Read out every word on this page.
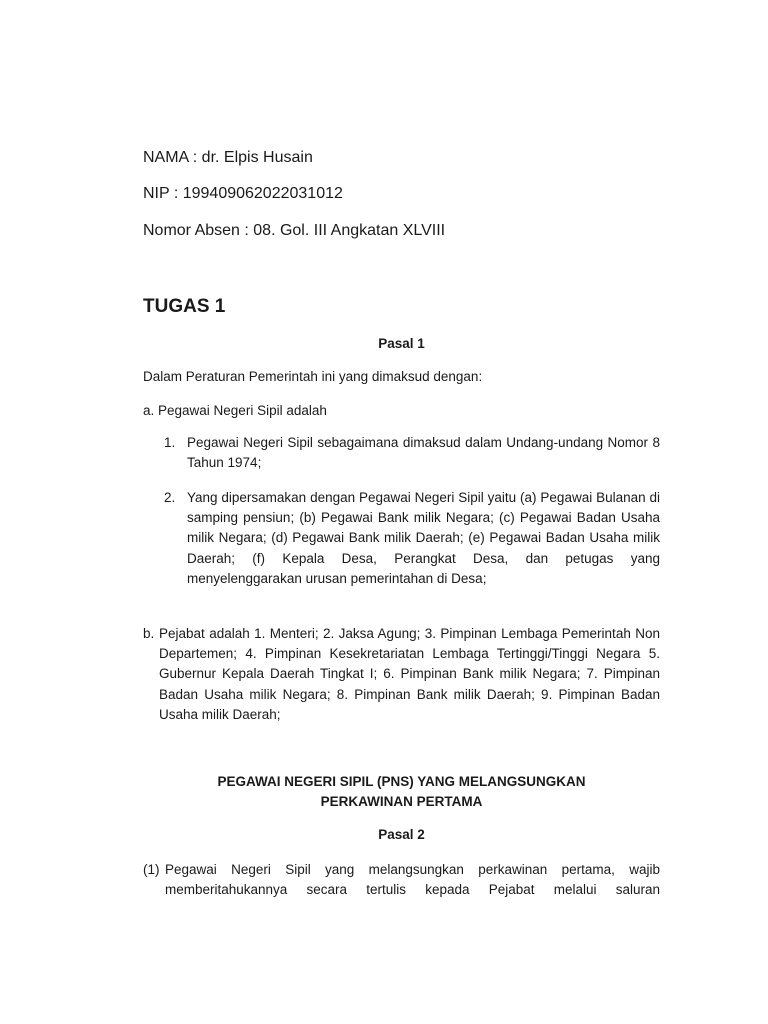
NAMA : dr. Elpis Husain
NIP : 199409062022031012
Nomor Absen : 08. Gol. III Angkatan XLVIII
TUGAS 1
Pasal 1
Dalam Peraturan Pemerintah ini yang dimaksud dengan:
a. Pegawai Negeri Sipil adalah
1. Pegawai Negeri Sipil sebagaimana dimaksud dalam Undang-undang Nomor 8 Tahun 1974;
2. Yang dipersamakan dengan Pegawai Negeri Sipil yaitu (a) Pegawai Bulanan di samping pensiun; (b) Pegawai Bank milik Negara; (c) Pegawai Badan Usaha milik Negara; (d) Pegawai Bank milik Daerah; (e) Pegawai Badan Usaha milik Daerah; (f) Kepala Desa, Perangkat Desa, dan petugas yang menyelenggarakan urusan pemerintahan di Desa;
b. Pejabat adalah 1. Menteri; 2. Jaksa Agung; 3. Pimpinan Lembaga Pemerintah Non Departemen; 4. Pimpinan Kesekretariatan Lembaga Tertinggi/Tinggi Negara 5. Gubernur Kepala Daerah Tingkat I; 6. Pimpinan Bank milik Negara; 7. Pimpinan Badan Usaha milik Negara; 8. Pimpinan Bank milik Daerah; 9. Pimpinan Badan Usaha milik Daerah;
PEGAWAI NEGERI SIPIL (PNS) YANG MELANGSUNGKAN
PERKAWINAN PERTAMA
Pasal 2
(1) Pegawai Negeri Sipil yang melangsungkan perkawinan pertama, wajib memberitahukannya secara tertulis kepada Pejabat melalui saluran
